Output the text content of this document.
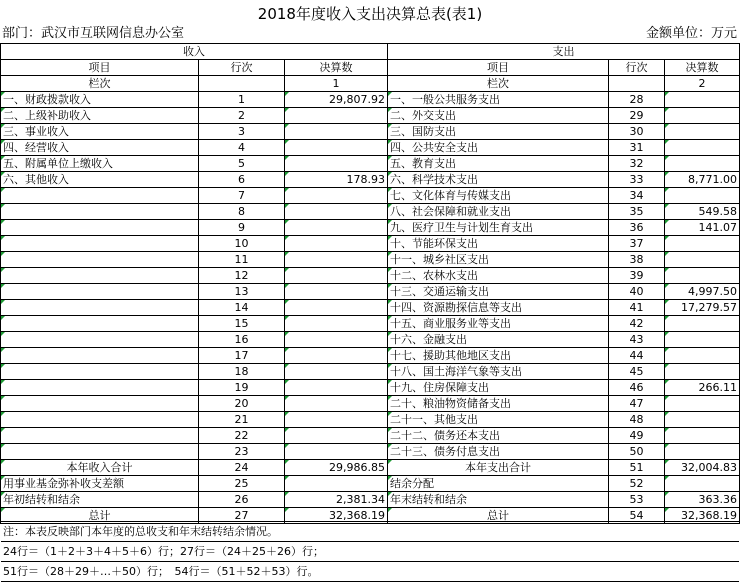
2018年度收入支出决算总表(表1)
部门：武汉市互联网信息办公室	金额单位：万元
收入			支出		
项目	行次	决算数	项目	行次	决算数
栏次		1	栏次		2
一、财政拨款收入	1	29,807.92	一、一般公共服务支出	28	
二、上级补助收入	2		二、外交支出	29	
三、事业收入	3		三、国防支出	30	
四、经营收入	4		四、公共安全支出	31	
五、附属单位上缴收入	5		五、教育支出	32	
六、其他收入	6	178.93	六、科学技术支出	33	8,771.00
	7		七、文化体育与传媒支出	34	
	8		八、社会保障和就业支出	35	549.58
	9		九、医疗卫生与计划生育支出	36	141.07
	10		十、节能环保支出	37	
	11		十一、城乡社区支出	38	
	12		十二、农林水支出	39	
	13		十三、交通运输支出	40	4,997.50
	14		十四、资源勘探信息等支出	41	17,279.57
	15		十五、商业服务业等支出	42	
	16		十六、金融支出	43	
	17		十七、援助其他地区支出	44	
	18		十八、国土海洋气象等支出	45	
	19		十九、住房保障支出	46	266.11
	20		二十、粮油物资储备支出	47	
	21		二十一、其他支出	48	
	22		二十二、债务还本支出	49	
	23		二十三、债务付息支出	50	
本年收入合计	24	29,986.85	本年支出合计	51	32,004.83
用事业基金弥补收支差额	25		结余分配	52	
年初结转和结余	26	2,381.34	年末结转和结余	53	363.36
总计	27	32,368.19	总计	54	32,368.19
注：本表反映部门本年度的总收支和年末结转结余情况。
24行＝（1＋2＋3＋4＋5＋6）行；27行＝（24＋25＋26）行；
51行＝（28＋29＋…＋50）行；　54行＝（51＋52＋53）行。
